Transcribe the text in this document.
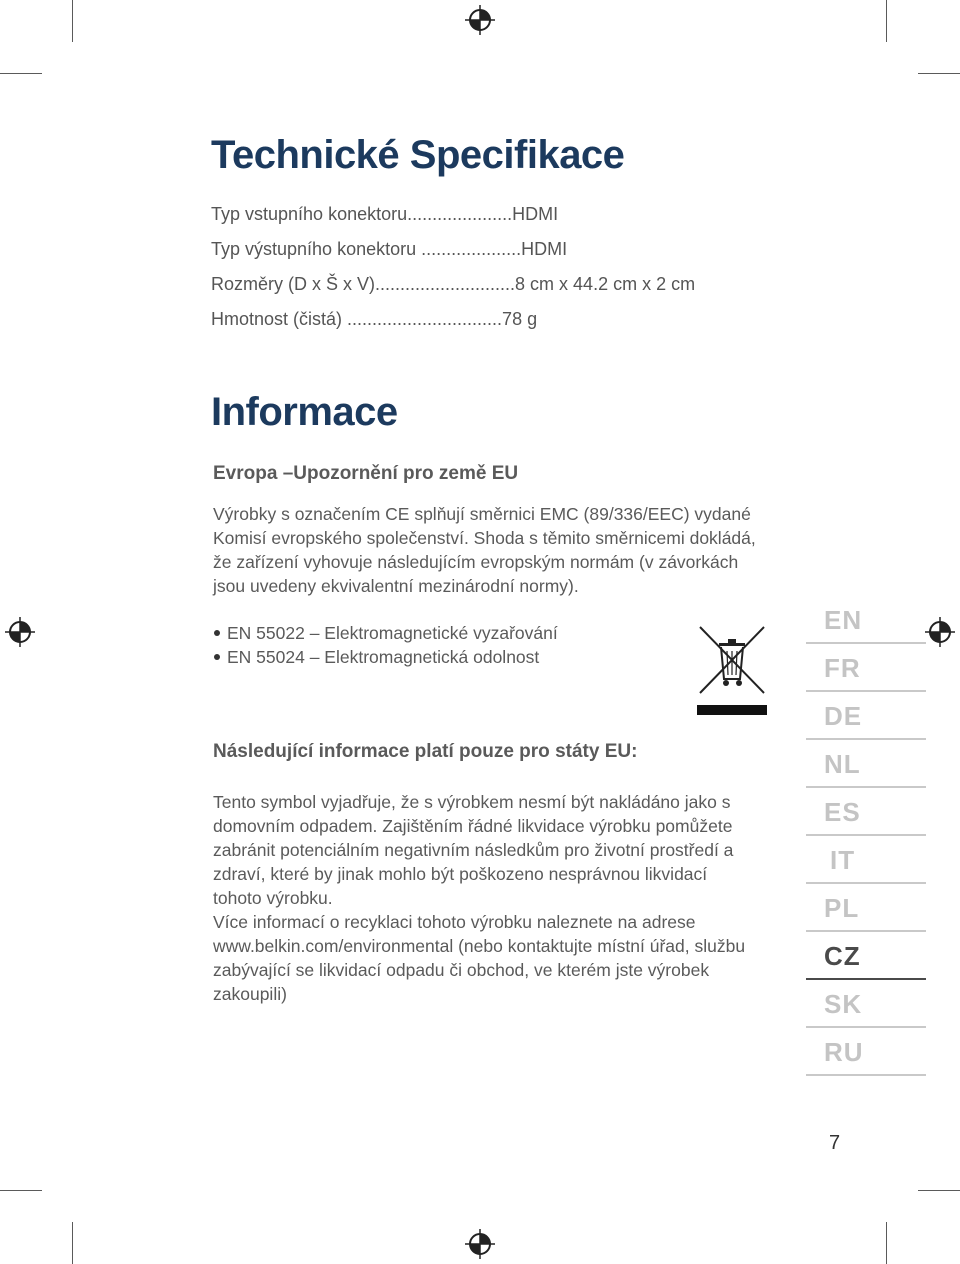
Technické Specifikace
Typ vstupního konektoru.....................HDMI
Typ výstupního konektoru ....................HDMI
Rozměry (D x Š x V)............................8 cm x 44.2 cm x 2 cm
Hmotnost (čistá) ...............................78 g
Informace
Evropa –Upozornění pro země EU
Výrobky s označením CE splňují směrnici EMC (89/336/EEC) vydané Komisí evropského společenství. Shoda s těmito směrnicemi dokládá, že zařízení vyhovuje následujícím evropským normám (v závorkách jsou uvedeny ekvivalentní mezinárodní normy).
EN 55022 – Elektromagnetické vyzařování
EN 55024 – Elektromagnetická odolnost
Následující informace platí pouze pro státy EU:
Tento symbol vyjadřuje, že s výrobkem nesmí být nakládáno jako s domovním odpadem. Zajištěním řádné likvidace výrobku pomůžete zabránit potenciálním negativním následkům pro životní prostředí a zdraví, které by jinak mohlo být poškozeno nesprávnou likvidací tohoto výrobku.
Více informací o recyklaci tohoto výrobku naleznete na adrese www.belkin.com/environmental (nebo kontaktujte místní úřad, službu zabývající se likvidací odpadu či obchod, ve kterém jste výrobek zakoupili)
EN
FR
DE
NL
ES
IT
PL
CZ
SK
RU
7
